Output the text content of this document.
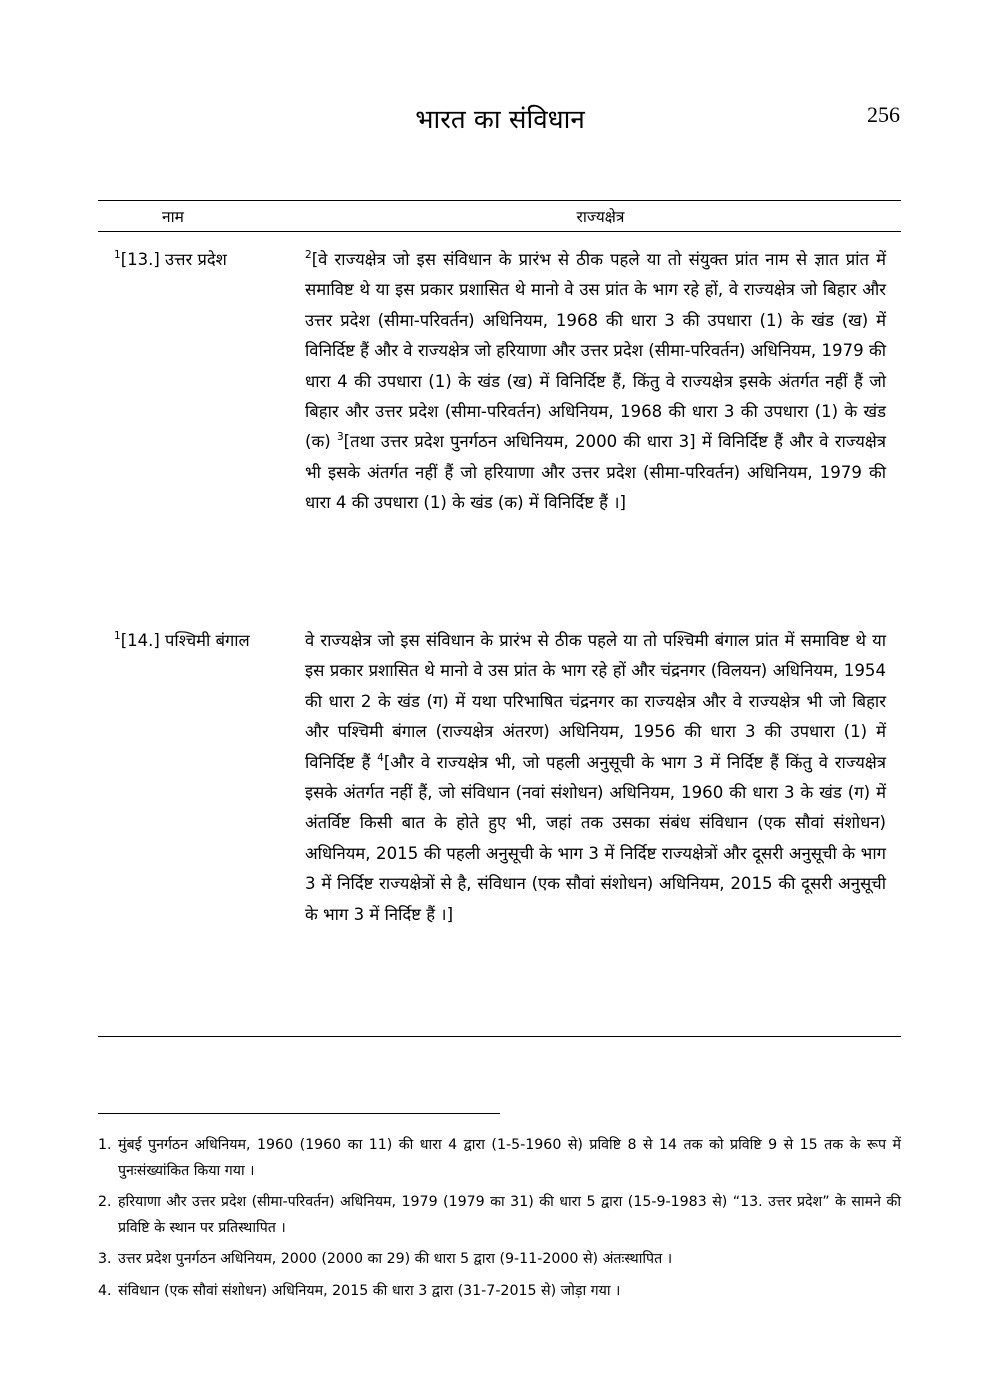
भारत का संविधान	256
नाम	राज्यक्षेत्र
$^1$[13.] उत्तर प्रदेश	$^2$[वे राज्यक्षेत्र जो इस संविधान के प्रारंभ से ठीक पहले या तो संयुक्त प्रांत नाम से ज्ञात प्रांत में समाविष्ट थे या इस प्रकार प्रशासित थे मानो वे उस प्रांत के भाग रहे हों, वे राज्यक्षेत्र जो बिहार और उत्तर प्रदेश (सीमा-परिवर्तन) अधिनियम, 1968 की धारा 3 की उपधारा (1) के खंड (ख) में विनिर्दिष्ट हैं और वे राज्यक्षेत्र जो हरियाणा और उत्तर प्रदेश (सीमा-परिवर्तन) अधिनियम, 1979 की धारा 4 की उपधारा (1) के खंड (ख) में विनिर्दिष्ट हैं, किंतु वे राज्यक्षेत्र इसके अंतर्गत नहीं हैं जो बिहार और उत्तर प्रदेश (सीमा-परिवर्तन) अधिनियम, 1968 की धारा 3 की उपधारा (1) के खंड (क) $^3$[तथा उत्तर प्रदेश पुनर्गठन अधिनियम, 2000 की धारा 3] में विनिर्दिष्ट हैं और वे राज्यक्षेत्र भी इसके अंतर्गत नहीं हैं जो हरियाणा और उत्तर प्रदेश (सीमा-परिवर्तन) अधिनियम, 1979 की धारा 4 की उपधारा (1) के खंड (क) में विनिर्दिष्ट हैं ।]
$^1$[14.] पश्चिमी बंगाल	वे राज्यक्षेत्र जो इस संविधान के प्रारंभ से ठीक पहले या तो पश्चिमी बंगाल प्रांत में समाविष्ट थे या इस प्रकार प्रशासित थे मानो वे उस प्रांत के भाग रहे हों और चंद्रनगर (विलयन) अधिनियम, 1954 की धारा 2 के खंड (ग) में यथा परिभाषित चंद्रनगर का राज्यक्षेत्र और वे राज्यक्षेत्र भी जो बिहार और पश्चिमी बंगाल (राज्यक्षेत्र अंतरण) अधिनियम, 1956 की धारा 3 की उपधारा (1) में विनिर्दिष्ट हैं $^4$[और वे राज्यक्षेत्र भी, जो पहली अनुसूची के भाग 3 में निर्दिष्ट हैं किंतु वे राज्यक्षेत्र इसके अंतर्गत नहीं हैं, जो संविधान (नवां संशोधन) अधिनियम, 1960 की धारा 3 के खंड (ग) में अंतर्विष्ट किसी बात के होते हुए भी, जहां तक उसका संबंध संविधान (एक सौवां संशोधन) अधिनियम, 2015 की पहली अनुसूची के भाग 3 में निर्दिष्ट राज्यक्षेत्रों और दूसरी अनुसूची के भाग 3 में निर्दिष्ट राज्यक्षेत्रों से है, संविधान (एक सौवां संशोधन) अधिनियम, 2015 की दूसरी अनुसूची के भाग 3 में निर्दिष्ट हैं ।]
1. मुंबई पुनर्गठन अधिनियम, 1960 (1960 का 11) की धारा 4 द्वारा (1-5-1960 से) प्रविष्टि 8 से 14 तक को प्रविष्टि 9 से 15 तक के रूप में पुनःसंख्यांकित किया गया ।
2. हरियाणा और उत्तर प्रदेश (सीमा-परिवर्तन) अधिनियम, 1979 (1979 का 31) की धारा 5 द्वारा (15-9-1983 से) “13. उत्तर प्रदेश” के सामने की प्रविष्टि के स्थान पर प्रतिस्थापित ।
3. उत्तर प्रदेश पुनर्गठन अधिनियम, 2000 (2000 का 29) की धारा 5 द्वारा (9-11-2000 से) अंतःस्थापित ।
4. संविधान (एक सौवां संशोधन) अधिनियम, 2015 की धारा 3 द्वारा (31-7-2015 से) जोड़ा गया ।
